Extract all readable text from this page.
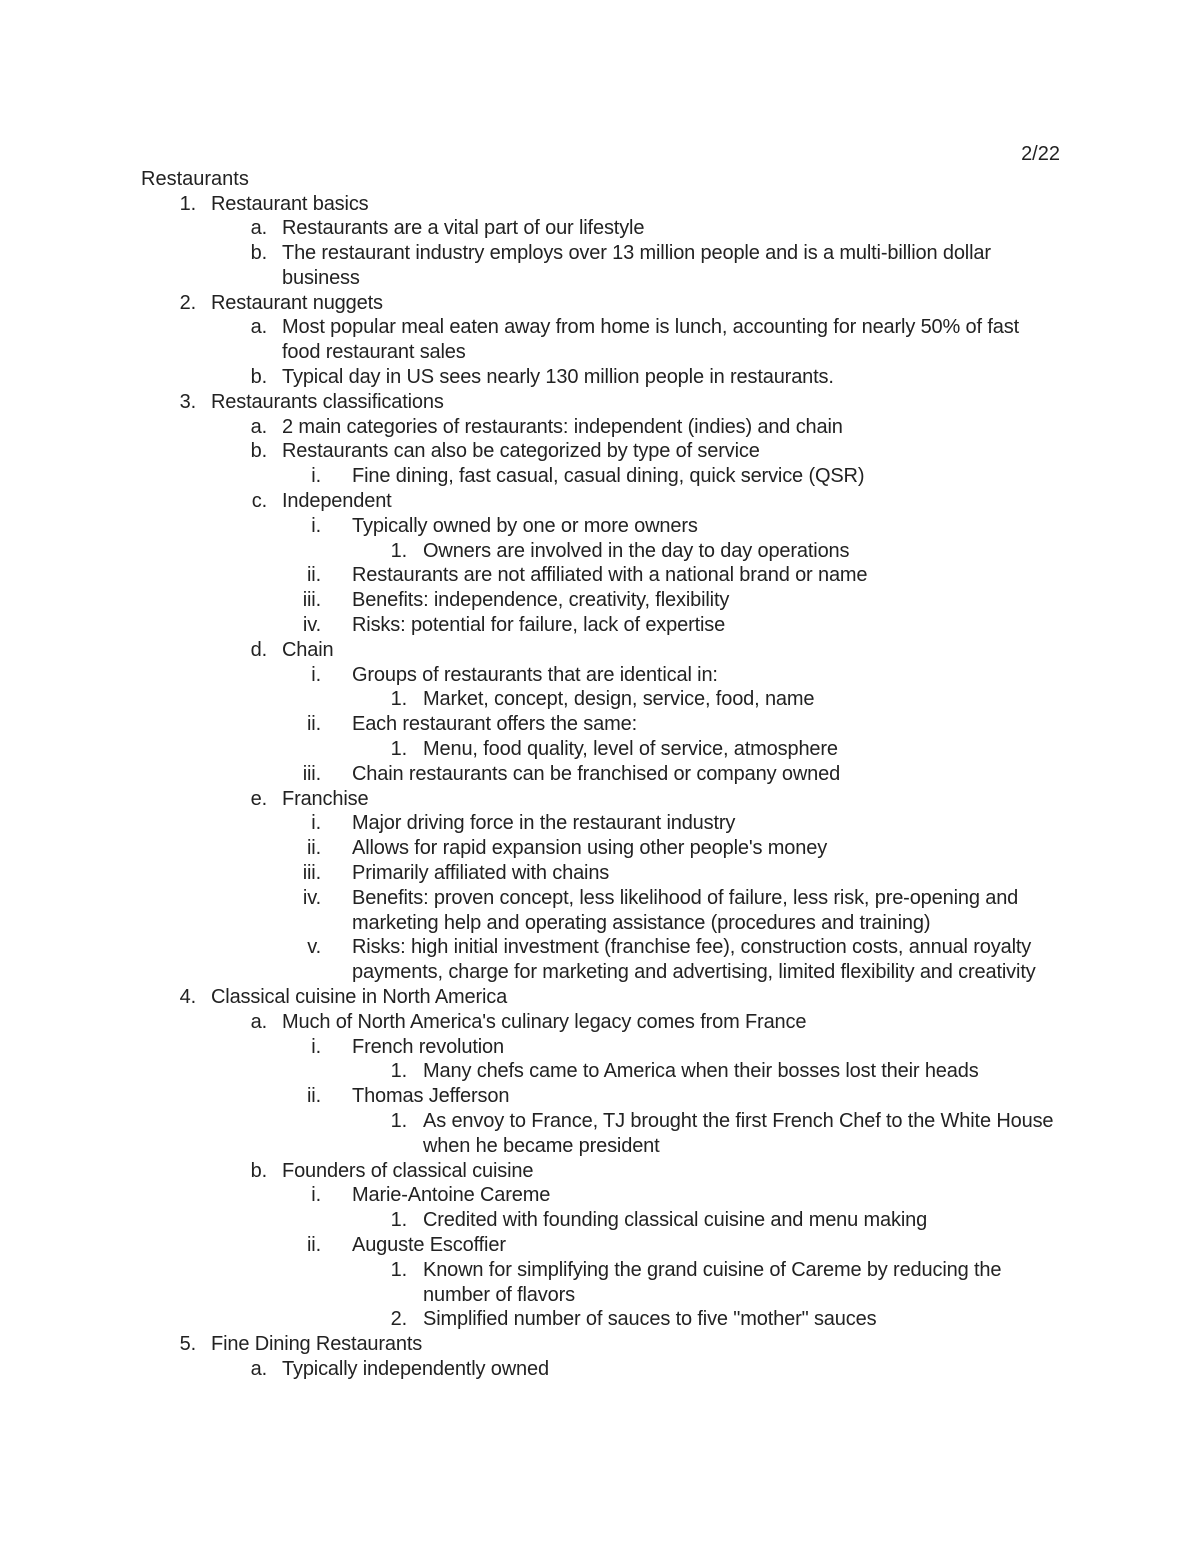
2/22
Restaurants
1. Restaurant basics
a. Restaurants are a vital part of our lifestyle
b. The restaurant industry employs over 13 million people and is a multi-billion dollar business
2. Restaurant nuggets
a. Most popular meal eaten away from home is lunch, accounting for nearly 50% of fast food restaurant sales
b. Typical day in US sees nearly 130 million people in restaurants.
3. Restaurants classifications
a. 2 main categories of restaurants: independent (indies) and chain
b. Restaurants can also be categorized by type of service
i. Fine dining, fast casual, casual dining, quick service (QSR)
c. Independent
i. Typically owned by one or more owners
1. Owners are involved in the day to day operations
ii. Restaurants are not affiliated with a national brand or name
iii. Benefits: independence, creativity, flexibility
iv. Risks: potential for failure, lack of expertise
d. Chain
i. Groups of restaurants that are identical in:
1. Market, concept, design, service, food, name
ii. Each restaurant offers the same:
1. Menu, food quality, level of service, atmosphere
iii. Chain restaurants can be franchised or company owned
e. Franchise
i. Major driving force in the restaurant industry
ii. Allows for rapid expansion using other people's money
iii. Primarily affiliated with chains
iv. Benefits: proven concept, less likelihood of failure, less risk, pre-opening and marketing help and operating assistance (procedures and training)
v. Risks: high initial investment (franchise fee), construction costs, annual royalty payments, charge for marketing and advertising, limited flexibility and creativity
4. Classical cuisine in North America
a. Much of North America's culinary legacy comes from France
i. French revolution
1. Many chefs came to America when their bosses lost their heads
ii. Thomas Jefferson
1. As envoy to France, TJ brought the first French Chef to the White House when he became president
b. Founders of classical cuisine
i. Marie-Antoine Careme
1. Credited with founding classical cuisine and menu making
ii. Auguste Escoffier
1. Known for simplifying the grand cuisine of Careme by reducing the number of flavors
2. Simplified number of sauces to five "mother" sauces
5. Fine Dining Restaurants
a. Typically independently owned
